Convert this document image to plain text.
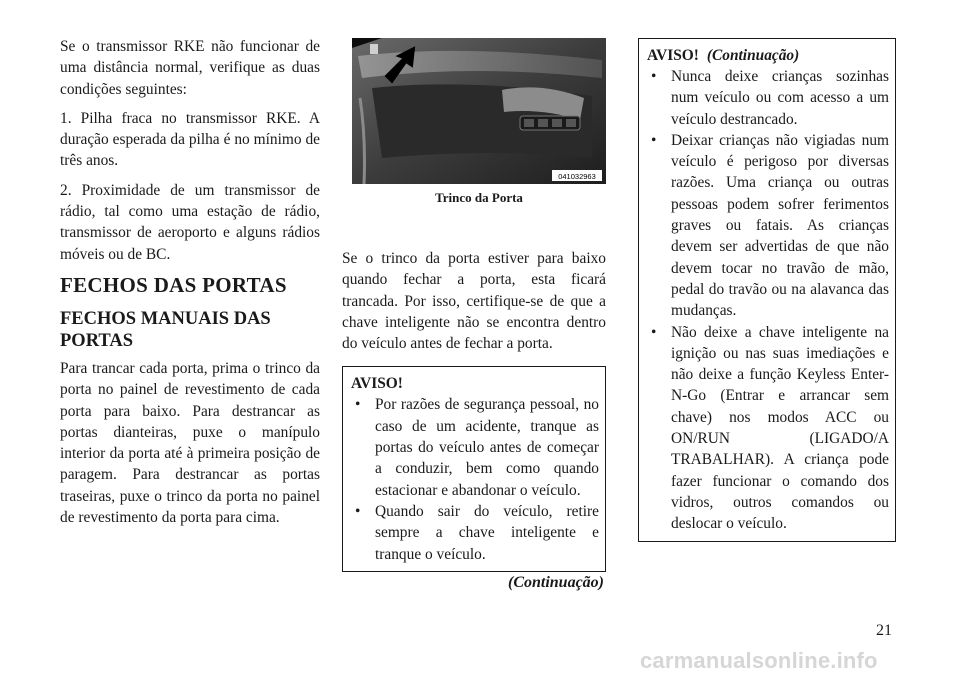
Se o transmissor RKE não funcionar de uma distância normal, verifique as duas condições seguintes:

1. Pilha fraca no transmissor RKE. A duração esperada da pilha é no mínimo de três anos.

2. Proximidade de um transmissor de rádio, tal como uma estação de rádio, transmissor de aeroporto e alguns rádios móveis ou de BC.

FECHOS DAS PORTAS
FECHOS MANUAIS DAS PORTAS

Para trancar cada porta, prima o trinco da porta no painel de revestimento de cada porta para baixo. Para destrancar as portas dianteiras, puxe o manípulo interior da porta até à primeira posição de paragem. Para destrancar as portas traseiras, puxe o trinco da porta no painel de revestimento da porta para cima.

041032963
Trinco da Porta

Se o trinco da porta estiver para baixo quando fechar a porta, esta ficará trancada. Por isso, certifique-se de que a chave inteligente não se encontra dentro do veículo antes de fechar a porta.

AVISO!
• Por razões de segurança pessoal, no caso de um acidente, tranque as portas do veículo antes de começar a conduzir, bem como quando estacionar e abandonar o veículo.
• Quando sair do veículo, retire sempre a chave inteligente e tranque o veículo.
(Continuação)
AVISO! (Continuação)
• Nunca deixe crianças sozinhas num veículo ou com acesso a um veículo destrancado.
• Deixar crianças não vigiadas num veículo é perigoso por diversas razões. Uma criança ou outras pessoas podem sofrer ferimentos graves ou fatais. As crianças devem ser advertidas de que não devem tocar no travão de mão, pedal do travão ou na alavanca das mudanças.
• Não deixe a chave inteligente na ignição ou nas suas imediações e não deixe a função Keyless Enter-N-Go (Entrar e arrancar sem chave) nos modos ACC ou ON/RUN (LIGADO/A TRABALHAR). A criança pode fazer funcionar o comando dos vidros, outros comandos ou deslocar o veículo.
21
carmanualsonline.info
